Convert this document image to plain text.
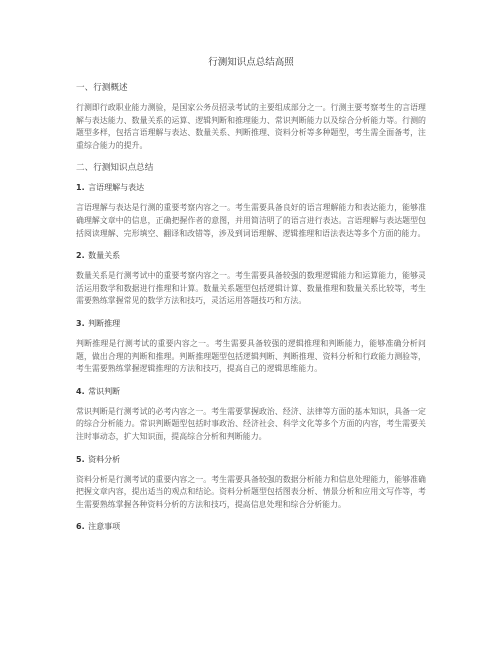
行测知识点总结高照
一、行测概述

行测即行政职业能力测验，是国家公务员招录考试的主要组成部分之一。行测主要考察考生的言语理解与表达能力、数量关系的运算、逻辑判断和推理能力、常识判断能力以及综合分析能力等。行测的题型多样，包括言语理解与表达、数量关系、判断推理、资料分析等多种题型，考生需全面备考，注重综合能力的提升。

二、行测知识点总结
1. 言语理解与表达

言语理解与表达是行测的重要考察内容之一。考生需要具备良好的语言理解能力和表达能力，能够准确理解文章中的信息，正确把握作者的意图，并用简洁明了的语言进行表达。言语理解与表达题型包括阅读理解、完形填空、翻译和改错等，涉及到词语理解、逻辑推理和语法表达等多个方面的能力。

2. 数量关系

数量关系是行测考试中的重要考察内容之一。考生需要具备较强的数理逻辑能力和运算能力，能够灵活运用数学和数据进行推理和计算。数量关系题型包括逻辑计算、数量推理和数量关系比较等，考生需要熟练掌握常见的数学方法和技巧，灵活运用答题技巧和方法。

3. 判断推理

判断推理是行测考试的重要内容之一。考生需要具备较强的逻辑推理和判断能力，能够准确分析问题，做出合理的判断和推理。判断推理题型包括逻辑判断、判断推理、资料分析和行政能力测验等，考生需要熟练掌握逻辑推理的方法和技巧，提高自己的逻辑思维能力。

4. 常识判断

常识判断是行测考试的必考内容之一。考生需要掌握政治、经济、法律等方面的基本知识，具备一定的综合分析能力。常识判断题型包括时事政治、经济社会、科学文化等多个方面的内容，考生需要关注时事动态，扩大知识面，提高综合分析和判断能力。

5. 资料分析

资料分析是行测考试的重要内容之一。考生需要具备较强的数据分析能力和信息处理能力，能够准确把握文章内容，提出适当的观点和结论。资料分析题型包括图表分析、情景分析和应用文写作等，考生需要熟练掌握各种资料分析的方法和技巧，提高信息处理和综合分析能力。

6. 注意事项
